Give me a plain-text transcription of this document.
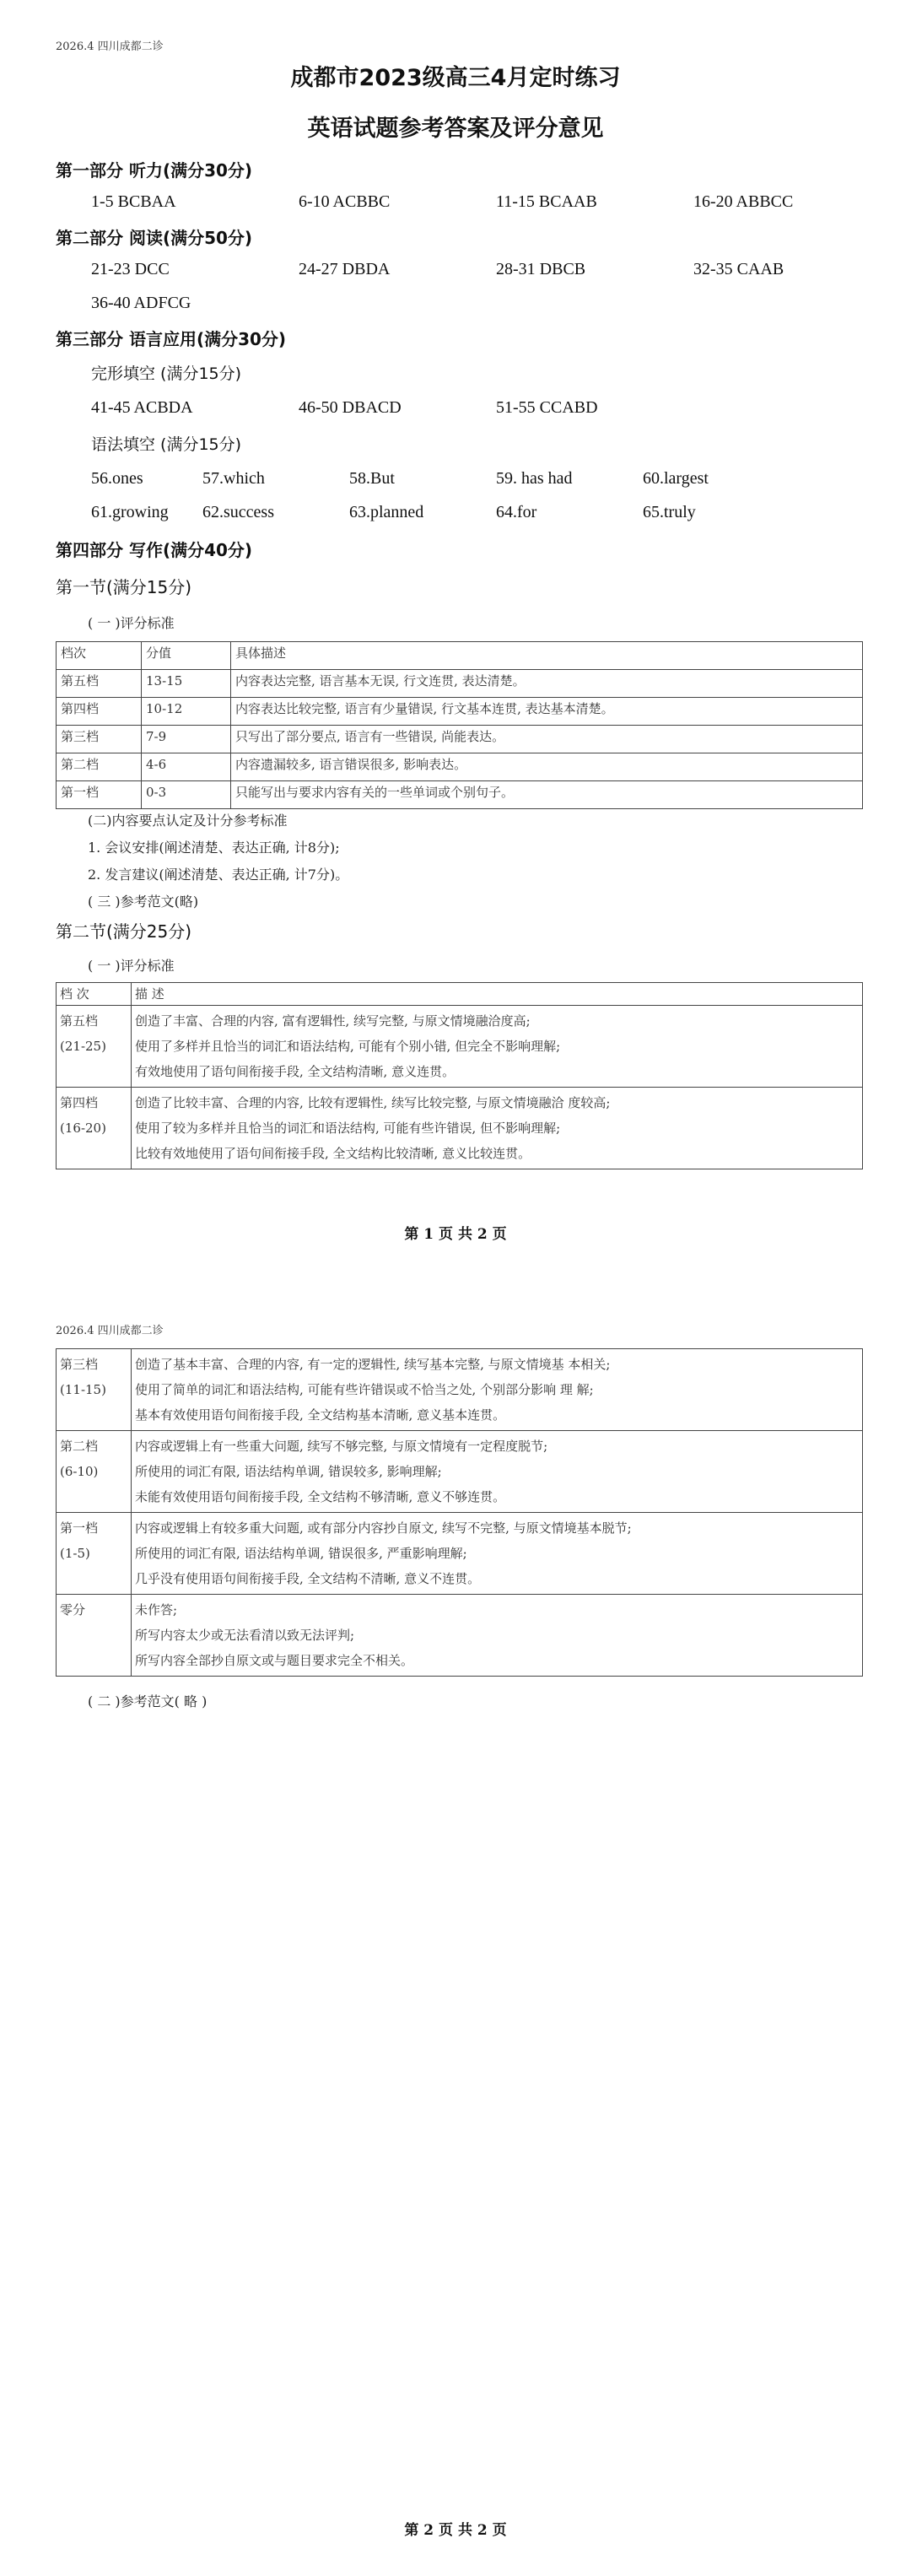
2026.4 四川成都二诊
成都市2023级高三4月定时练习
英语试题参考答案及评分意见
第一部分 听力(满分30分)
1-5 BCBAA	6-10 ACBBC	11-15 BCAAB	16-20 ABBCC
第二部分 阅读(满分50分)
21-23 DCC	24-27 DBDA	28-31 DBCB	32-35 CAAB
36-40 ADFCG
第三部分 语言应用(满分30分)
完形填空 (满分15分)
41-45 ACBDA	46-50 DBACD	51-55 CCABD
语法填空 (满分15分)
56.ones	57.which	58.But	59. has had	60.largest
61.growing 62.success	63.planned	64.for	65.truly
第四部分 写作(满分40分)
第一节(满分15分)
( 一 )评分标准
档次	分值	具体描述
第五档	13-15	内容表达完整, 语言基本无误, 行文连贯, 表达清楚。
第四档	10-12	内容表达比较完整, 语言有少量错误, 行文基本连贯, 表达基本清楚。
第三档	7-9	只写出了部分要点, 语言有一些错误, 尚能表达。
第二档	4-6	内容遗漏较多, 语言错误很多, 影响表达。
第一档	0-3	只能写出与要求内容有关的一些单词或个别句子。
(二)内容要点认定及计分参考标准
1. 会议安排(阐述清楚、表达正确, 计8分);
2. 发言建议(阐述清楚、表达正确, 计7分)。
( 三 )参考范文(略)
第二节(满分25分)
( 一 )评分标准
档 次	描 述

第五档
(21-25)	创造了丰富、合理的内容, 富有逻辑性, 续写完整, 与原文情境融洽度高;
使用了多样并且恰当的词汇和语法结构, 可能有个别小错, 但完全不影响理解;
有效地使用了语句间衔接手段, 全文结构清晰, 意义连贯。

第四档
(16-20)	创造了比较丰富、合理的内容, 比较有逻辑性, 续写比较完整, 与原文情境融洽 度较高;
使用了较为多样并且恰当的词汇和语法结构, 可能有些许错误, 但不影响理解;
比较有效地使用了语句间衔接手段, 全文结构比较清晰, 意义比较连贯。
第 1 页 共 2 页
2026.4 四川成都二诊
第三档
(11-15)	创造了基本丰富、合理的内容, 有一定的逻辑性, 续写基本完整, 与原文情境基 本相关;
使用了简单的词汇和语法结构, 可能有些许错误或不恰当之处, 个别部分影响 理 解;
基本有效使用语句间衔接手段, 全文结构基本清晰, 意义基本连贯。

第二档
(6-10)	内容或逻辑上有一些重大问题, 续写不够完整, 与原文情境有一定程度脱节;
所使用的词汇有限, 语法结构单调, 错误较多, 影响理解;
未能有效使用语句间衔接手段, 全文结构不够清晰, 意义不够连贯。

第一档
(1-5)	内容或逻辑上有较多重大问题, 或有部分内容抄自原文, 续写不完整, 与原文情境基本脱节;
所使用的词汇有限, 语法结构单调, 错误很多, 严重影响理解;
几乎没有使用语句间衔接手段, 全文结构不清晰, 意义不连贯。

零分	未作答;
所写内容太少或无法看清以致无法评判;
所写内容全部抄自原文或与题目要求完全不相关。
( 二 )参考范文( 略 )
第 2 页 共 2 页
